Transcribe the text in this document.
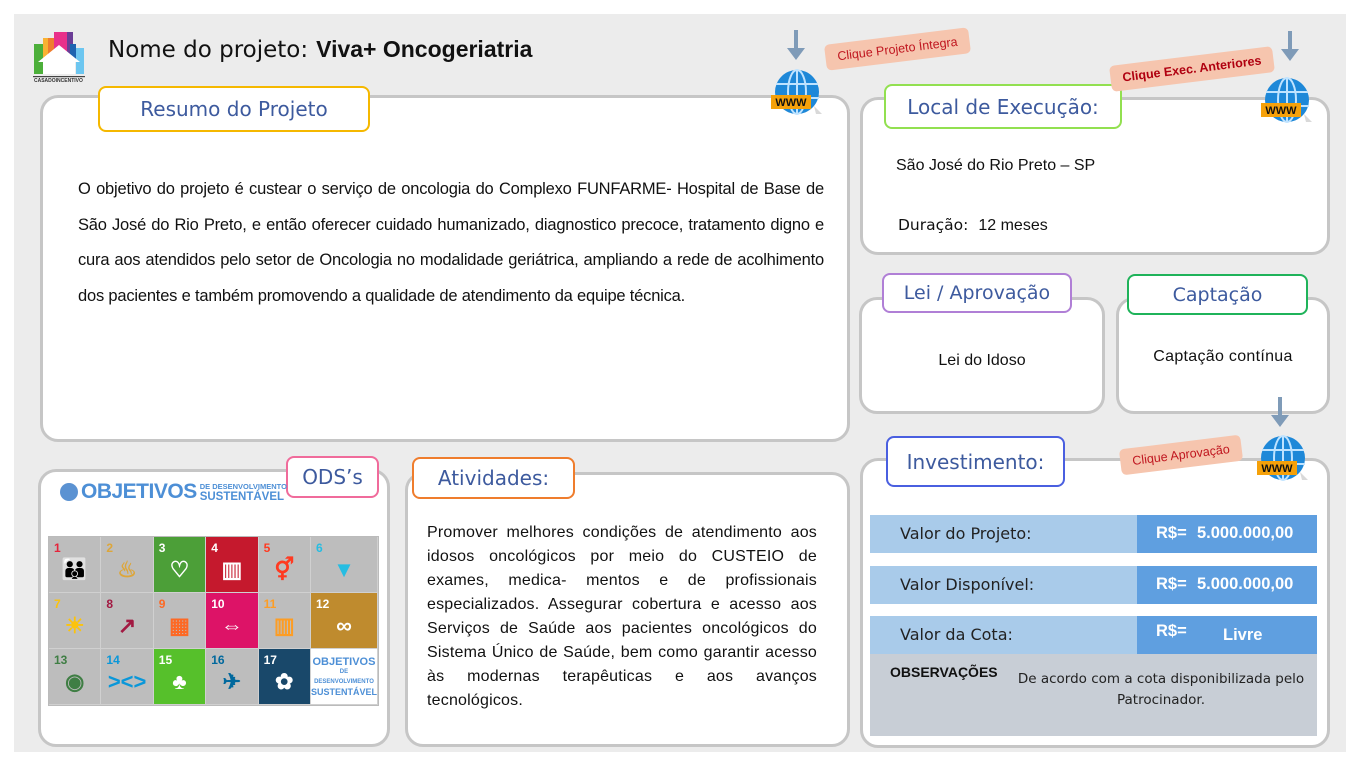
CASADOINCENTIVO
Nome do projeto: Viva+ Oncogeriatria
Resumo do Projeto
O objetivo do projeto é custear o serviço de oncologia do Complexo FUNFARME- Hospital de Base de São José do Rio Preto, e então oferecer cuidado humanizado, diagnostico precoce, tratamento digno e cura aos atendidos pelo setor de Oncologia no modalidade geriátrica, ampliando a rede de acolhimento dos pacientes e também promovendo a qualidade de atendimento da equipe técnica.
WWW
Clique Projeto Íntegra
Local de Execução:
São José do Rio Preto – SP
Duração: 12 meses
Clique Exec. Anteriores
WWW
Lei / Aprovação
Lei do Idoso
Captação
Captação contínua
Investimento:	WWW
Clique Aprovação
Valor do Projeto:	R$= 5.000.000,00
Valor Disponível:	R$= 5.000.000,00
Valor da Cota:	R$= Livre
OBSERVAÇÕES De acordo com a cota disponibilizada pelo Patrocinador.
ODS’s
OBJETIVOS DE DESENVOLVIMENTO
SUSTENTÁVEL
1
👪
2
♨
3
♡
4
▥
5
⚥
6
▼
7
☀
8
↗
9
▦
10
⇔
11
▥
12
∞
13
◉
14
><>
15
♣
16
✈
17
✿
OBJETIVOS
DE DESENVOLVIMENTO
SUSTENTÁVEL
Atividades:
Promover melhores condições de atendimento aos idosos oncológicos por meio do CUSTEIO de exames, medica- mentos e de profissionais especializados. Assegurar cobertura e acesso aos Serviços de Saúde aos pacientes oncológicos do Sistema Único de Saúde, bem como garantir acesso às modernas terapêuticas e aos avanços tecnológicos.
